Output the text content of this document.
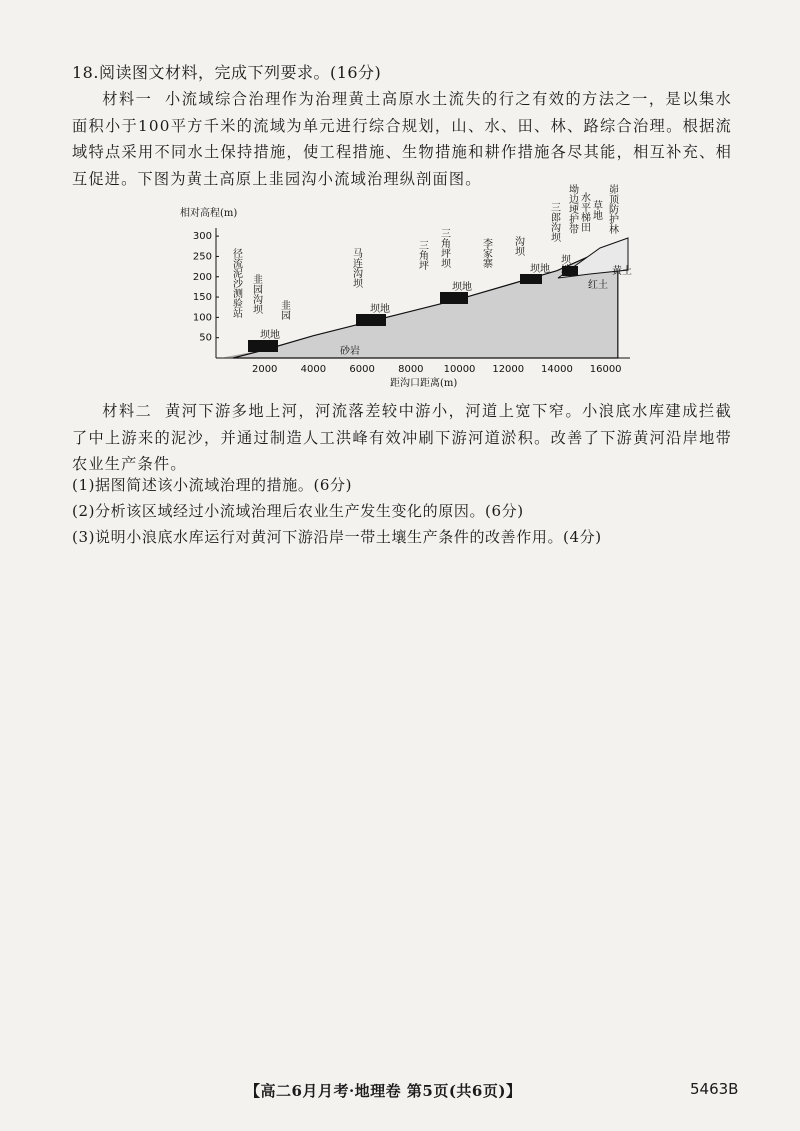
18.阅读图文材料，完成下列要求。(16分)
材料一 小流域综合治理作为治理黄土高原水土流失的行之有效的方法之一，是以集水面积小于100平方千米的流域为单元进行综合规划，山、水、田、林、路综合治理。根据流域特点采用不同水土保持措施，使工程措施、生物措施和耕作措施各尽其能，相互补充、相互促进。下图为黄土高原上韭园沟小流域治理纵剖面图。
相对高程(m)
50
100
150
200
250
300
2000 4000 6000 8000 10000 12000 14000 16000
径流泥沙测验站 韭园沟坝 韭园
马连沟坝	三角坪 三角坪坝	李家寨 沟坝
三郎沟坝 坳边埂护带 水平梯田 草地 峁顶防护林
坝地
坝地
坝地
坝地 坝地
砂岩
红土
黄土
距沟口距离(m)
材料二 黄河下游多地上河，河流落差较中游小，河道上宽下窄。小浪底水库建成拦截了中上游来的泥沙，并通过制造人工洪峰有效冲刷下游河道淤积。改善了下游黄河沿岸地带农业生产条件。
(1)据图简述该小流域治理的措施。(6分)
(2)分析该区域经过小流域治理后农业生产发生变化的原因。(6分)
(3)说明小浪底水库运行对黄河下游沿岸一带土壤生产条件的改善作用。(4分)
【高二6月月考·地理卷 第5页(共6页)】	5463B
